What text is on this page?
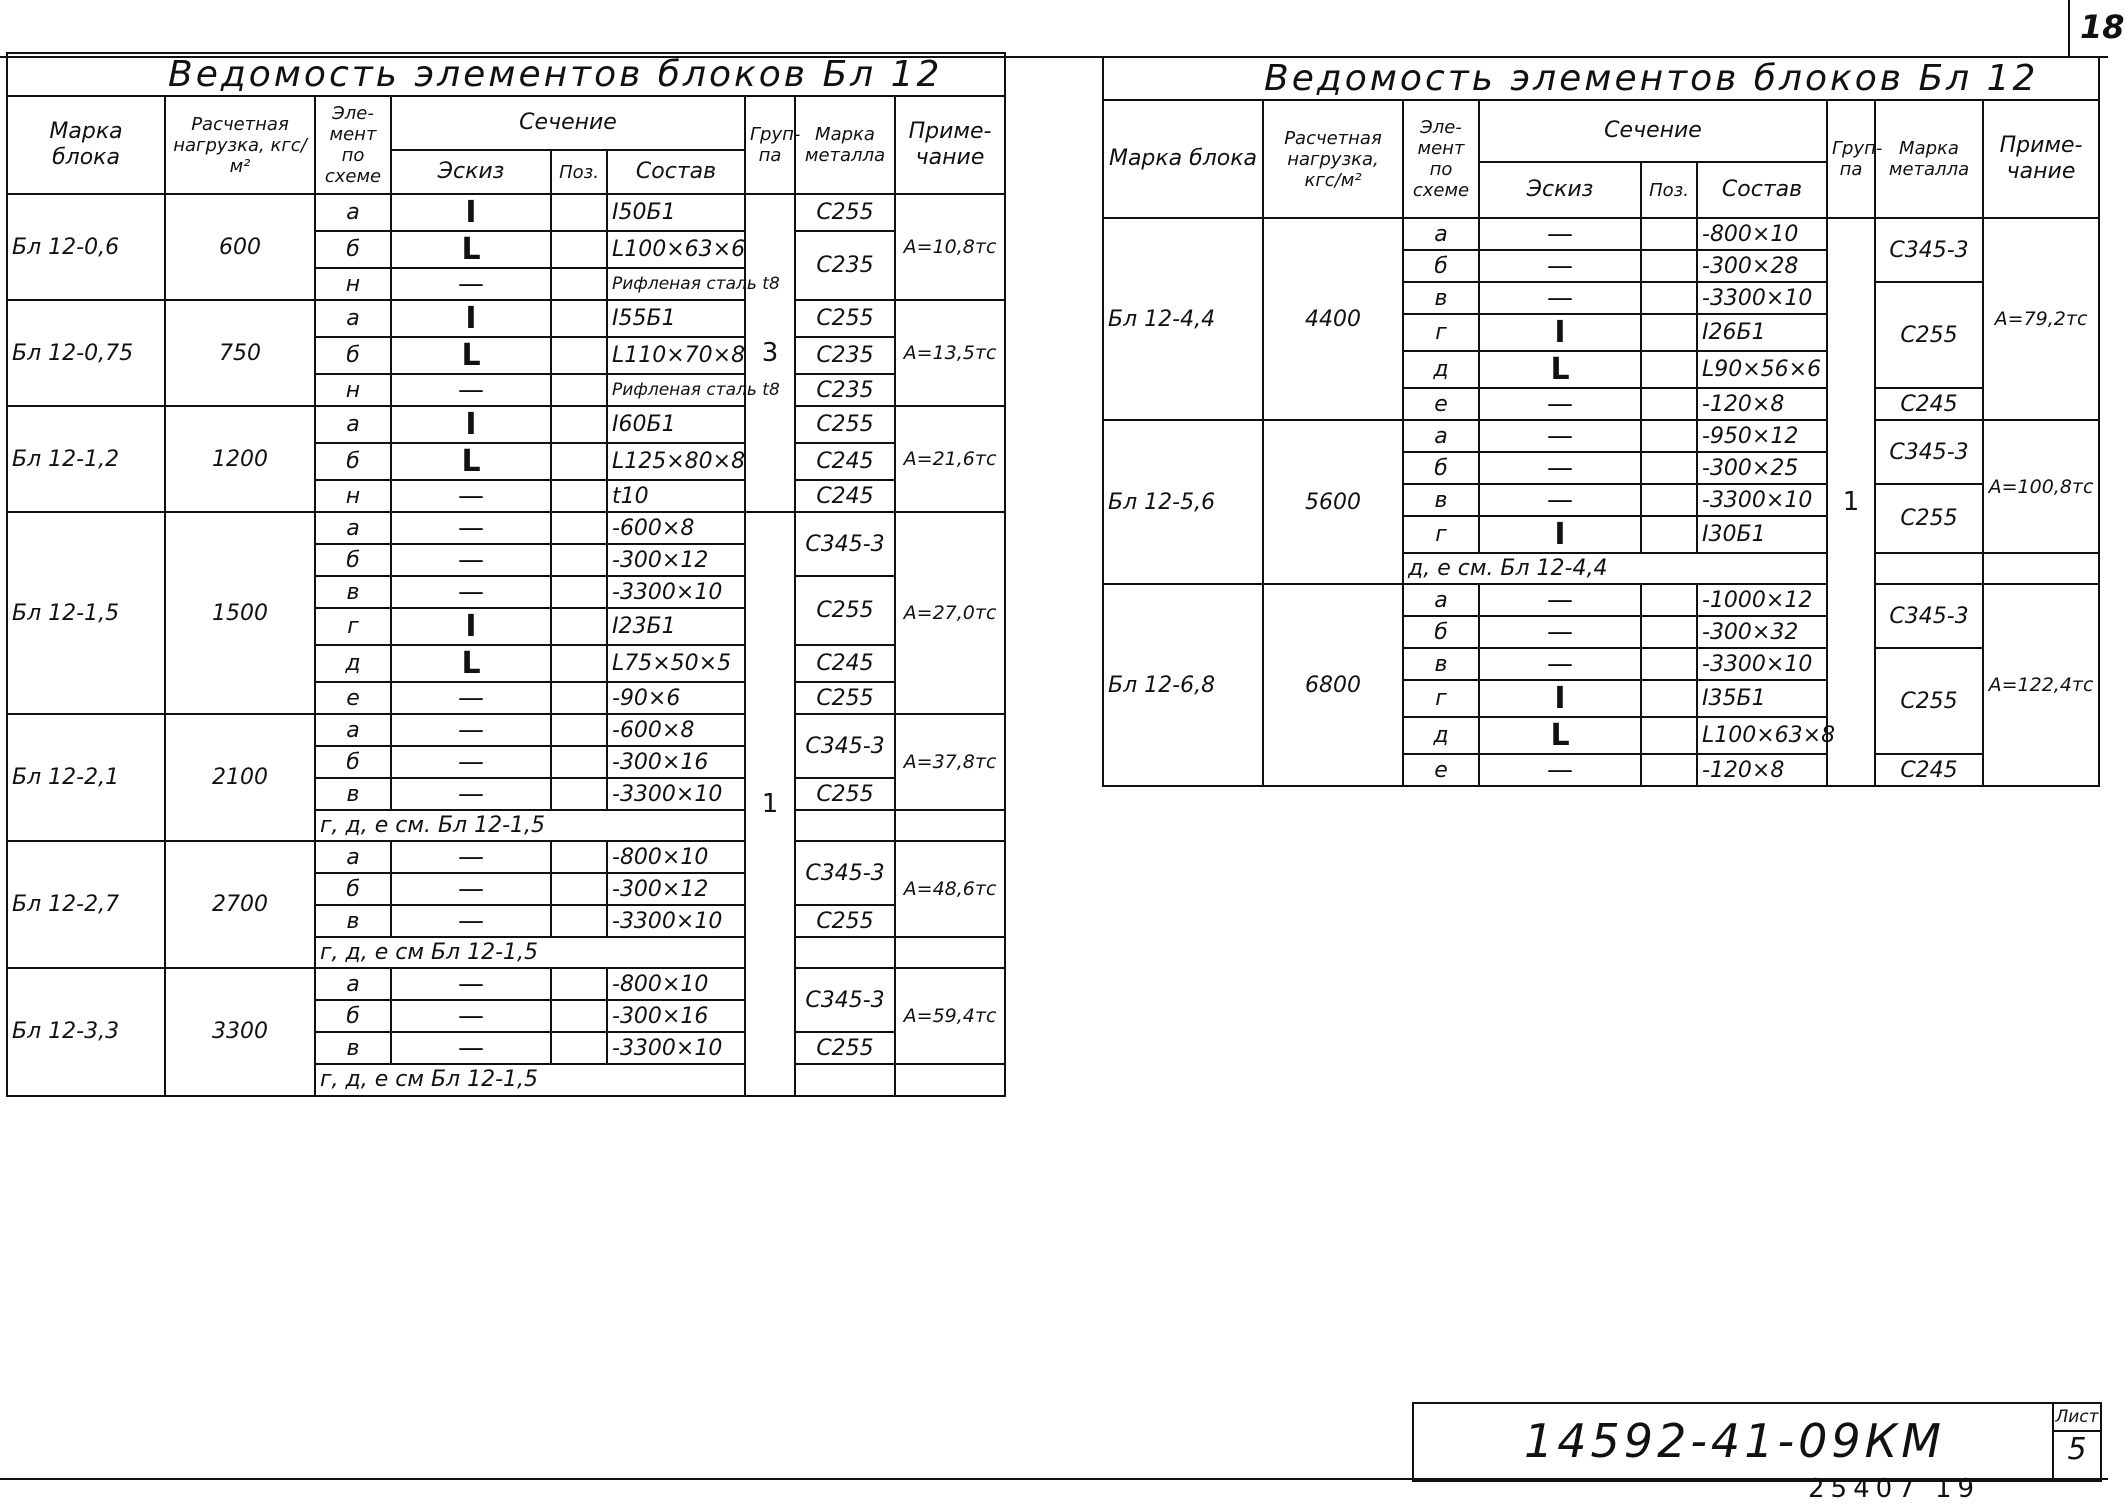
18
Ведомость элементов блоков Бл 12								
Марка блока	Расчетная нагрузка, кгс/м²	Эле- мент по схеме	Сечение			Груп- па	Марка металла	Приме- чание
			Эскиз	Поз.	Состав			
Бл 12-0,6	600	а	I		I50Б1	3	С255	A=10,8тс
		б	L		L100×63×6		С235	
		н	—		Рифленая сталь t8			
Бл 12-0,75	750	а	I		I55Б1		С255	A=13,5тс
		б	L		L110×70×8		С235	
		н	—		Рифленая сталь t8		С235	
Бл 12-1,2	1200	а	I		I60Б1		С255	A=21,6тс
		б	L		L125×80×8		С245	
		н	—		t10		С245	
Бл 12-1,5	1500	а	—		-600×8	1	С345-3	A=27,0тс
		б	—		-300×12			
		в	—		-3300×10		С255	
		г	I		I23Б1			
		д	L		L75×50×5		С245	
		е	—		-90×6		С255	
Бл 12-2,1	2100	а	—		-600×8		С345-3	A=37,8тс
		б	—		-300×16			
		в	—		-3300×10		С255	
		г, д, е см. Бл 12-1,5						
Бл 12-2,7	2700	а	—		-800×10		С345-3	A=48,6тс
		б	—		-300×12			
		в	—		-3300×10		С255	
		г, д, е см Бл 12-1,5						
Бл 12-3,3	3300	а	—		-800×10		С345-3	A=59,4тс
		б	—		-300×16			
		в	—		-3300×10		С255	
		г, д, е см Бл 12-1,5						
Ведомость элементов блоков Бл 12								
Марка блока	Расчетная нагрузка, кгс/м²	Эле- мент по схеме	Сечение			Груп- па	Марка металла	Приме- чание
			Эскиз	Поз.	Состав			
Бл 12-4,4	4400	а	—		-800×10	1	С345-3	A=79,2тс
		б	—		-300×28			
		в	—		-3300×10		С255	
		г	I		I26Б1			
		д	L		L90×56×6			
		е	—		-120×8		С245	
Бл 12-5,6	5600	а	—		-950×12		С345-3	A=100,8тс
		б	—		-300×25			
		в	—		-3300×10		С255	
		г	I		I30Б1			
		д, е см. Бл 12-4,4						
Бл 12-6,8	6800	а	—		-1000×12		С345-3	A=122,4тс
		б	—		-300×32			
		в	—		-3300×10		С255	
		г	I		I35Б1			
		д	L		L100×63×8			
		е	—		-120×8		С245	
14592-41-09КМ	Лист
5
25407 19
